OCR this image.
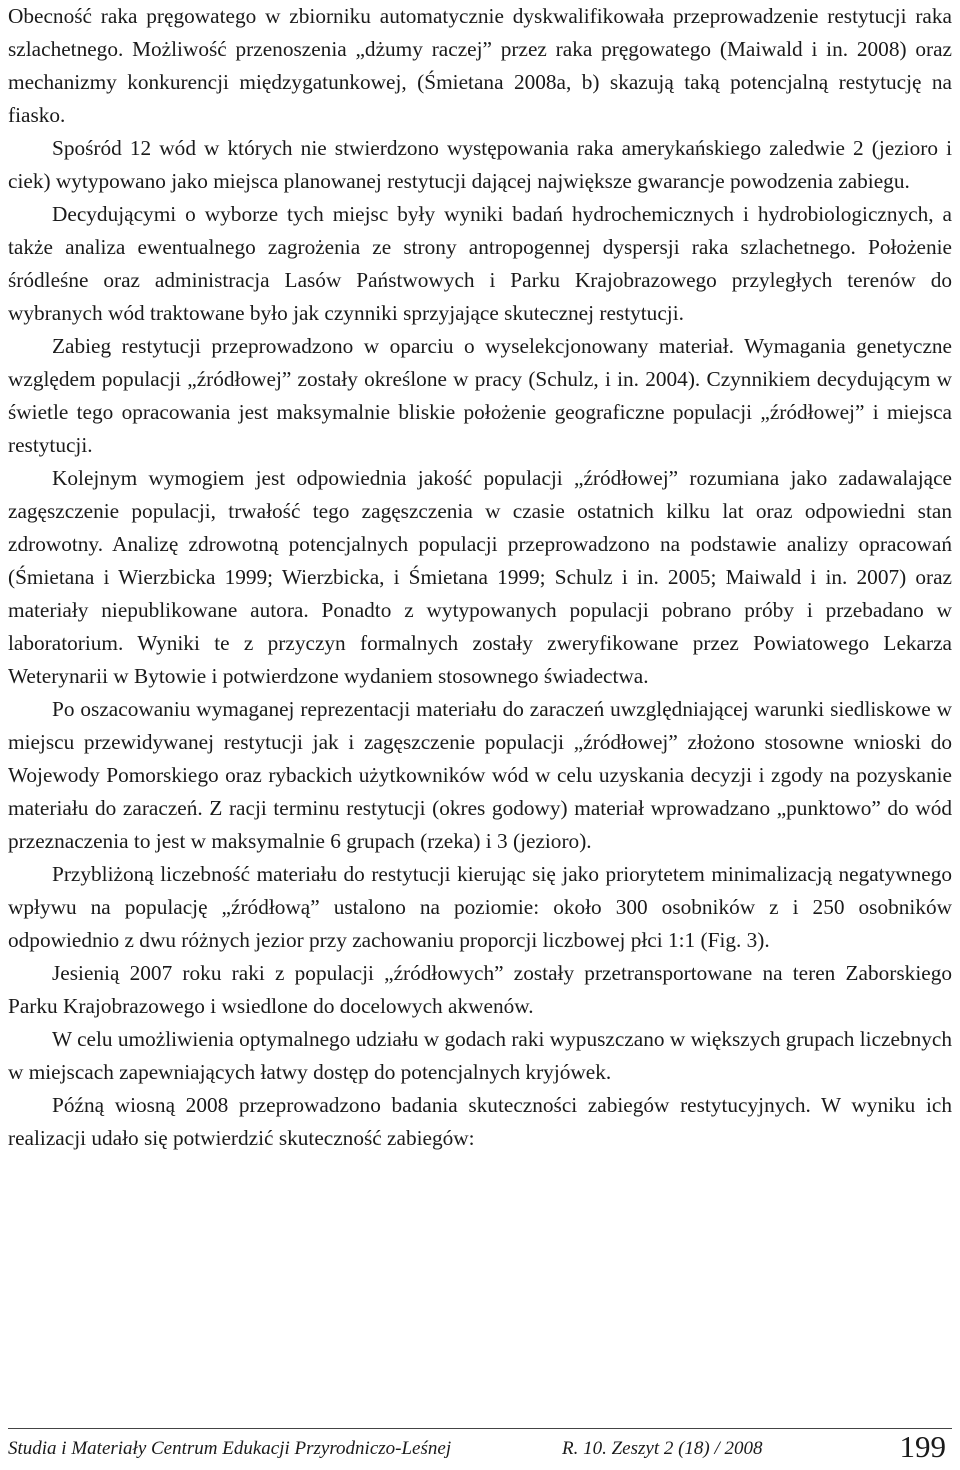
Obecność raka pręgowatego w zbiorniku automatycznie dyskwalifikowała przeprowadzenie restytucji raka szlachetnego. Możliwość przenoszenia „dżumy raczej” przez raka pręgowatego (Maiwald i in. 2008) oraz mechanizmy konkurencji międzygatunkowej, (Śmietana 2008a, b) skazują taką potencjalną restytucję na fiasko.

Spośród 12 wód w których nie stwierdzono występowania raka amerykańskiego zaledwie 2 (jezioro i ciek) wytypowano jako miejsca planowanej restytucji dającej największe gwarancje powodzenia zabiegu.

Decydującymi o wyborze tych miejsc były wyniki badań hydrochemicznych i hydrobiologicznych, a także analiza ewentualnego zagrożenia ze strony antropogennej dyspersji raka szlachetnego. Położenie śródleśne oraz administracja Lasów Państwowych i Parku Krajobrazowego przyległych terenów do wybranych wód traktowane było jak czynniki sprzyjające skutecznej restytucji.

Zabieg restytucji przeprowadzono w oparciu o wyselekcjonowany materiał. Wymagania genetyczne względem populacji „źródłowej” zostały określone w pracy (Schulz, i in. 2004). Czynnikiem decydującym w świetle tego opracowania jest maksymalnie bliskie położenie geograficzne populacji „źródłowej” i miejsca restytucji.

Kolejnym wymogiem jest odpowiednia jakość populacji „źródłowej” rozumiana jako zadawalające zagęszczenie populacji, trwałość tego zagęszczenia w czasie ostatnich kilku lat oraz odpowiedni stan zdrowotny. Analizę zdrowotną potencjalnych populacji przeprowadzono na podstawie analizy opracowań (Śmietana i Wierzbicka 1999; Wierzbicka, i Śmietana 1999; Schulz i in. 2005; Maiwald i in. 2007) oraz materiały niepublikowane autora. Ponadto z wytypowanych populacji pobrano próby i przebadano w laboratorium. Wyniki te z przyczyn formalnych zostały zweryfikowane przez Powiatowego Lekarza Weterynarii w Bytowie i potwierdzone wydaniem stosownego świadectwa.

Po oszacowaniu wymaganej reprezentacji materiału do zaraczeń uwzględniającej warunki siedliskowe w miejscu przewidywanej restytucji jak i zagęszczenie populacji „źródłowej” złożono stosowne wnioski do Wojewody Pomorskiego oraz rybackich użytkowników wód w celu uzyskania decyzji i zgody na pozyskanie materiału do zaraczeń. Z racji terminu restytucji (okres godowy) materiał wprowadzano „punktowo” do wód przeznaczenia to jest w maksymalnie 6 grupach (rzeka) i 3 (jezioro).

Przybliżoną liczebność materiału do restytucji kierując się jako priorytetem minimalizacją negatywnego wpływu na populację „źródłową” ustalono na poziomie: około 300 osobników z i 250 osobników odpowiednio z dwu różnych jezior przy zachowaniu proporcji liczbowej płci 1:1 (Fig. 3).

Jesienią 2007 roku raki z populacji „źródłowych” zostały przetransportowane na teren Zaborskiego Parku Krajobrazowego i wsiedlone do docelowych akwenów.

W celu umożliwienia optymalnego udziału w godach raki wypuszczano w większych grupach liczebnych w miejscach zapewniających łatwy dostęp do potencjalnych kryjówek.

Późną wiosną 2008 przeprowadzono badania skuteczności zabiegów restytucyjnych. W wyniku ich realizacji udało się potwierdzić skuteczność zabiegów:

Studia i Materiały Centrum Edukacji Przyrodniczo-Leśnej	R. 10. Zeszyt 2 (18) / 2008	199
